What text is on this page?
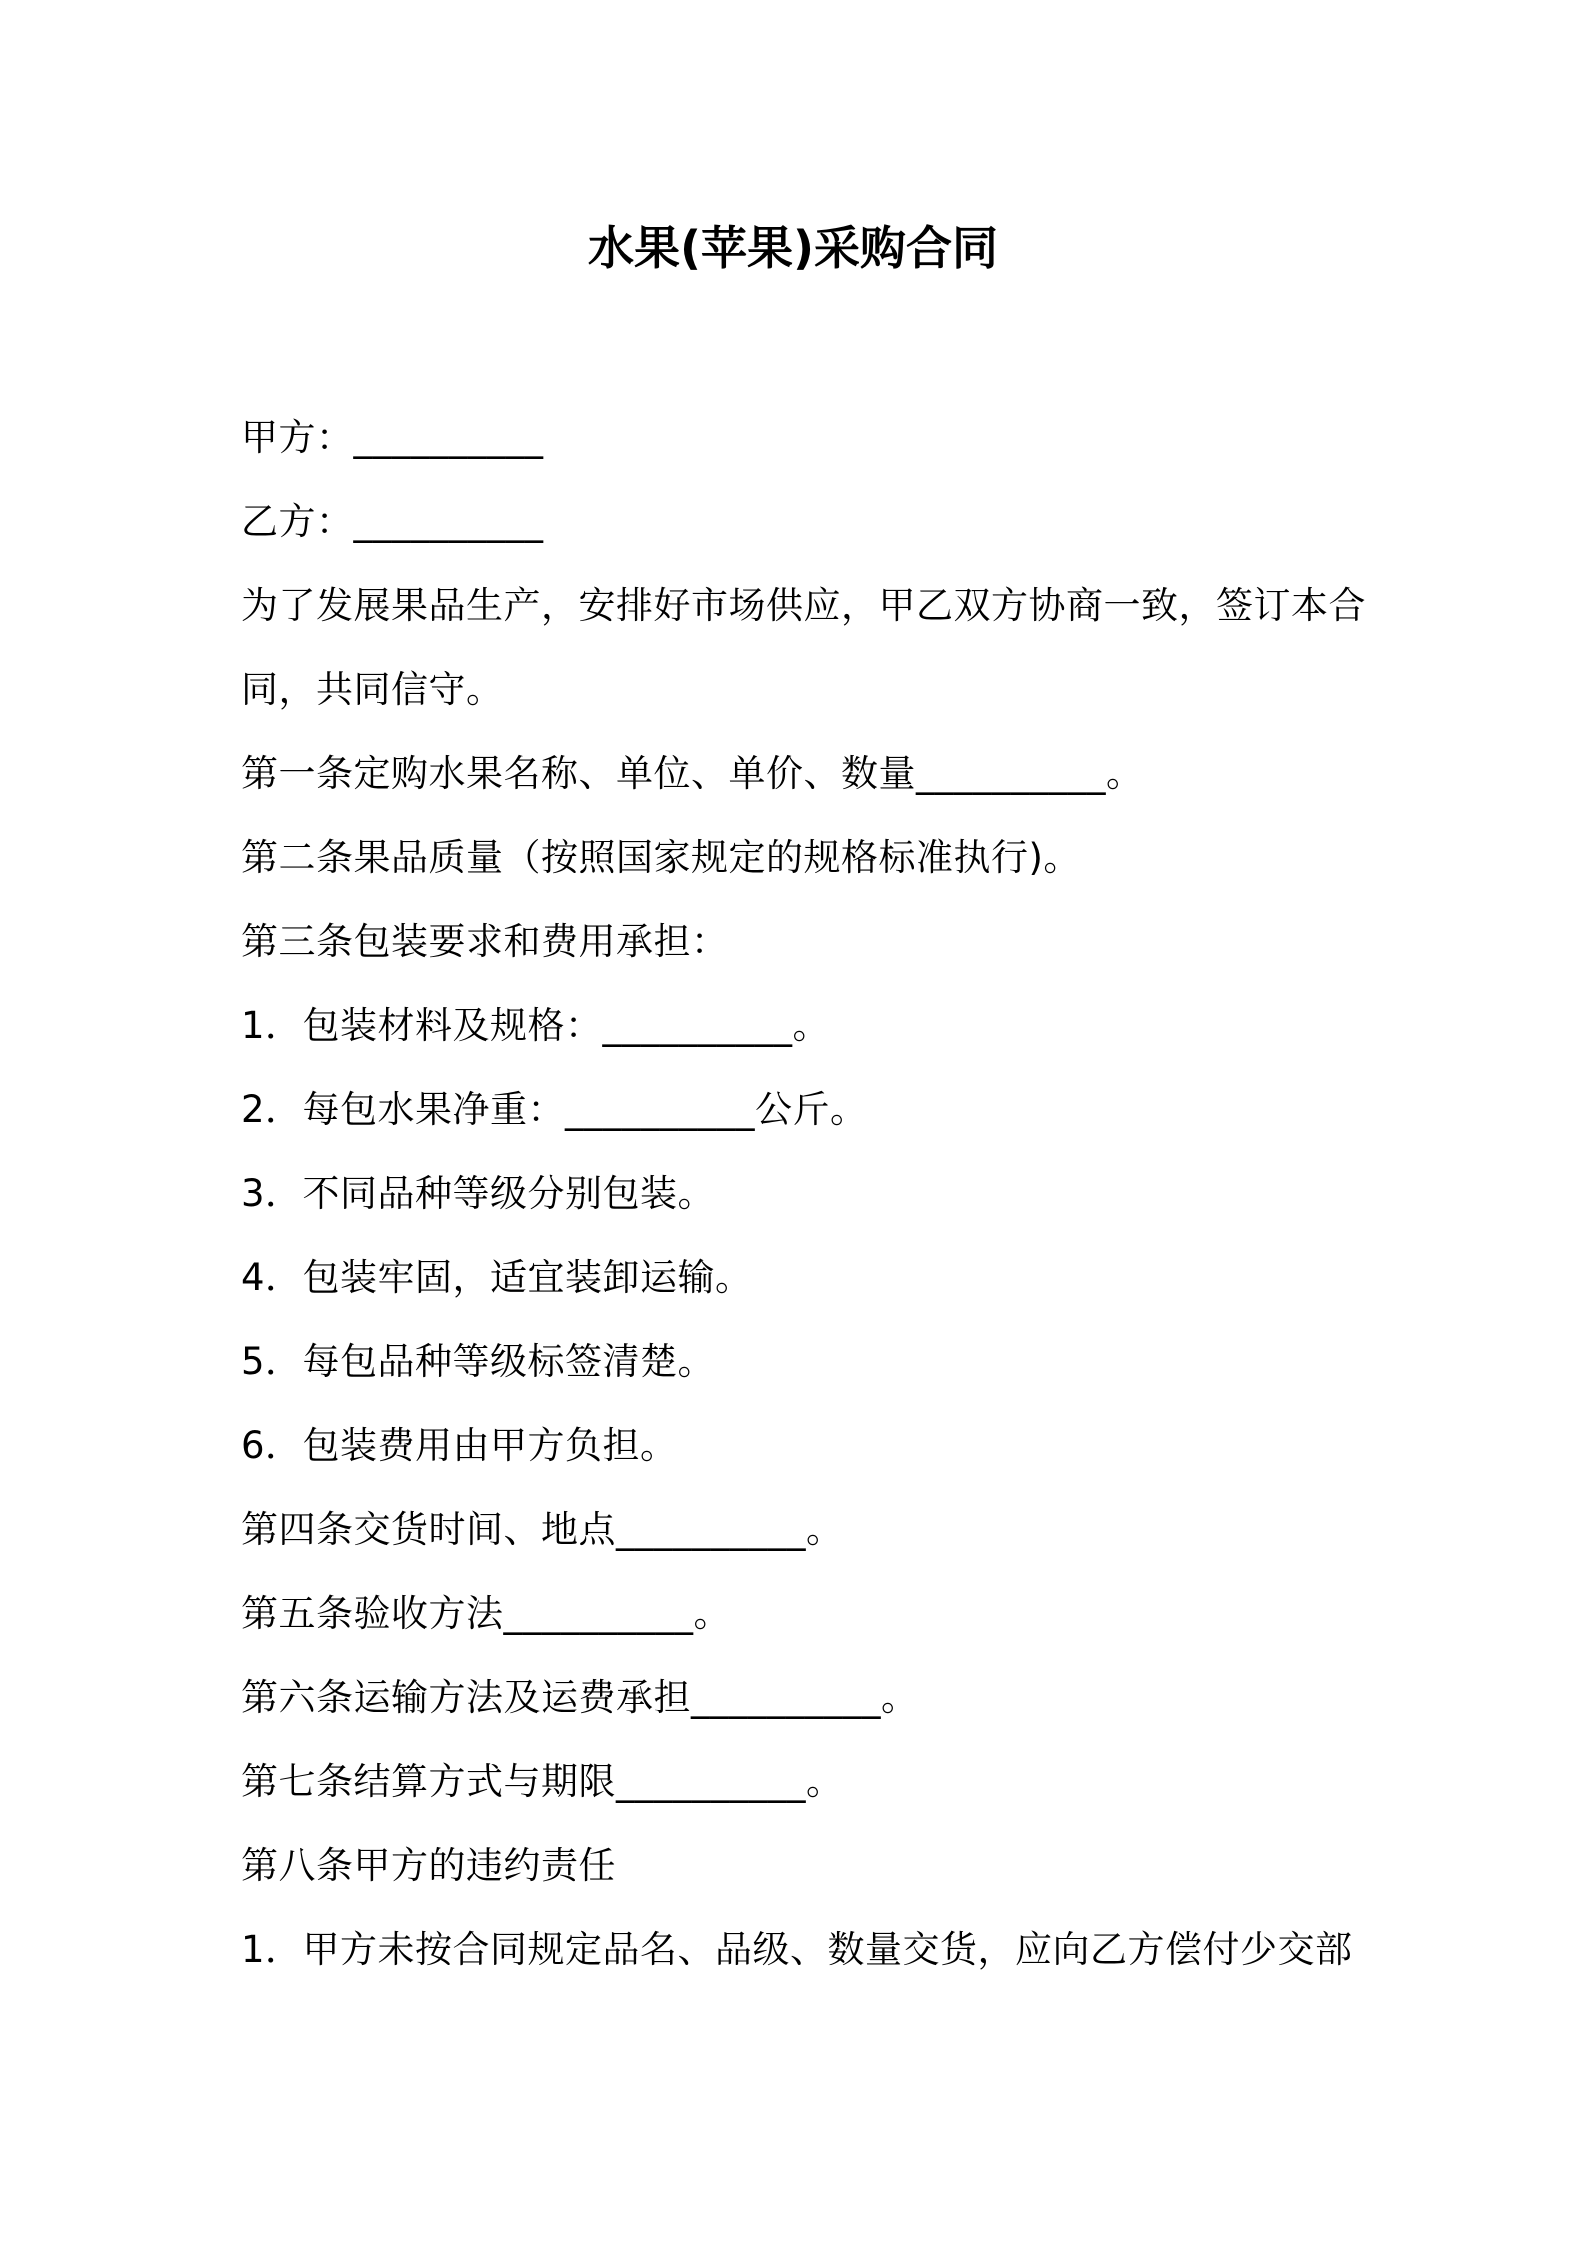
水果(苹果)采购合同
甲方：__________
乙方：__________
为了发展果品生产，安排好市场供应，甲乙双方协商一致，签订本合
同，共同信守。
第一条定购水果名称、单位、单价、数量__________。
第二条果品质量（按照国家规定的规格标准执行)。
第三条包装要求和费用承担：
1．包装材料及规格：__________。
2．每包水果净重：__________公斤。
3．不同品种等级分别包装。
4．包装牢固，适宜装卸运输。
5．每包品种等级标签清楚。
6．包装费用由甲方负担。
第四条交货时间、地点__________。
第五条验收方法__________。
第六条运输方法及运费承担__________。
第七条结算方式与期限__________。
第八条甲方的违约责任
1．甲方未按合同规定品名、品级、数量交货，应向乙方偿付少交部
